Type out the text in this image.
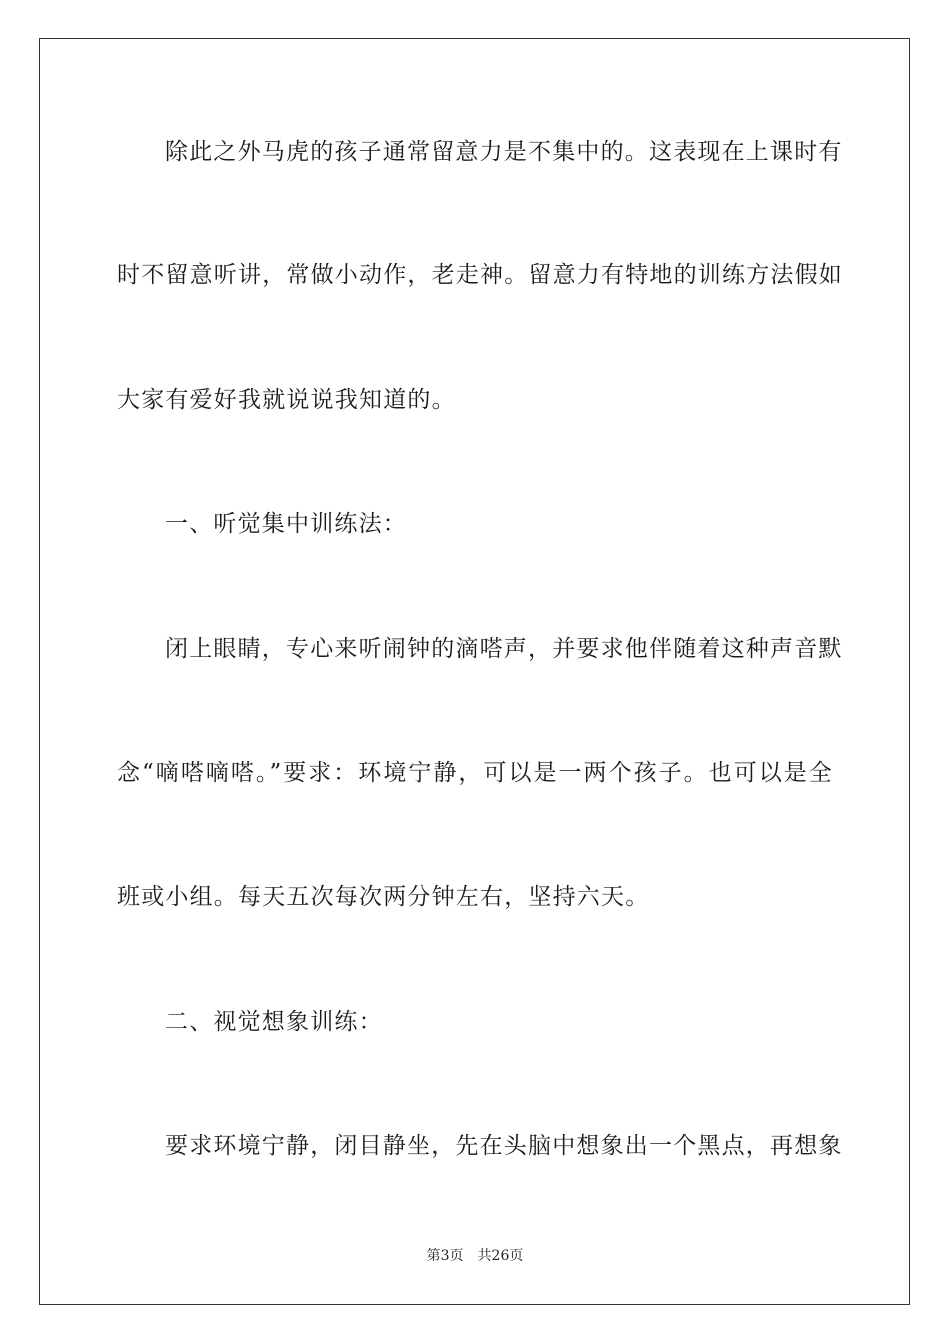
除此之外马虎的孩子通常留意力是不集中的。这表现在上课时有
时不留意听讲，常做小动作，老走神。留意力有特地的训练方法假如
大家有爱好我就说说我知道的。
一、听觉集中训练法：
闭上眼睛，专心来听闹钟的滴嗒声，并要求他伴随着这种声音默
念“嘀嗒嘀嗒。”要求：环境宁静，可以是一两个孩子。也可以是全
班或小组。每天五次每次两分钟左右，坚持六天。
二、视觉想象训练：
要求环境宁静，闭目静坐，先在头脑中想象出一个黑点，再想象
第3页 共26页
